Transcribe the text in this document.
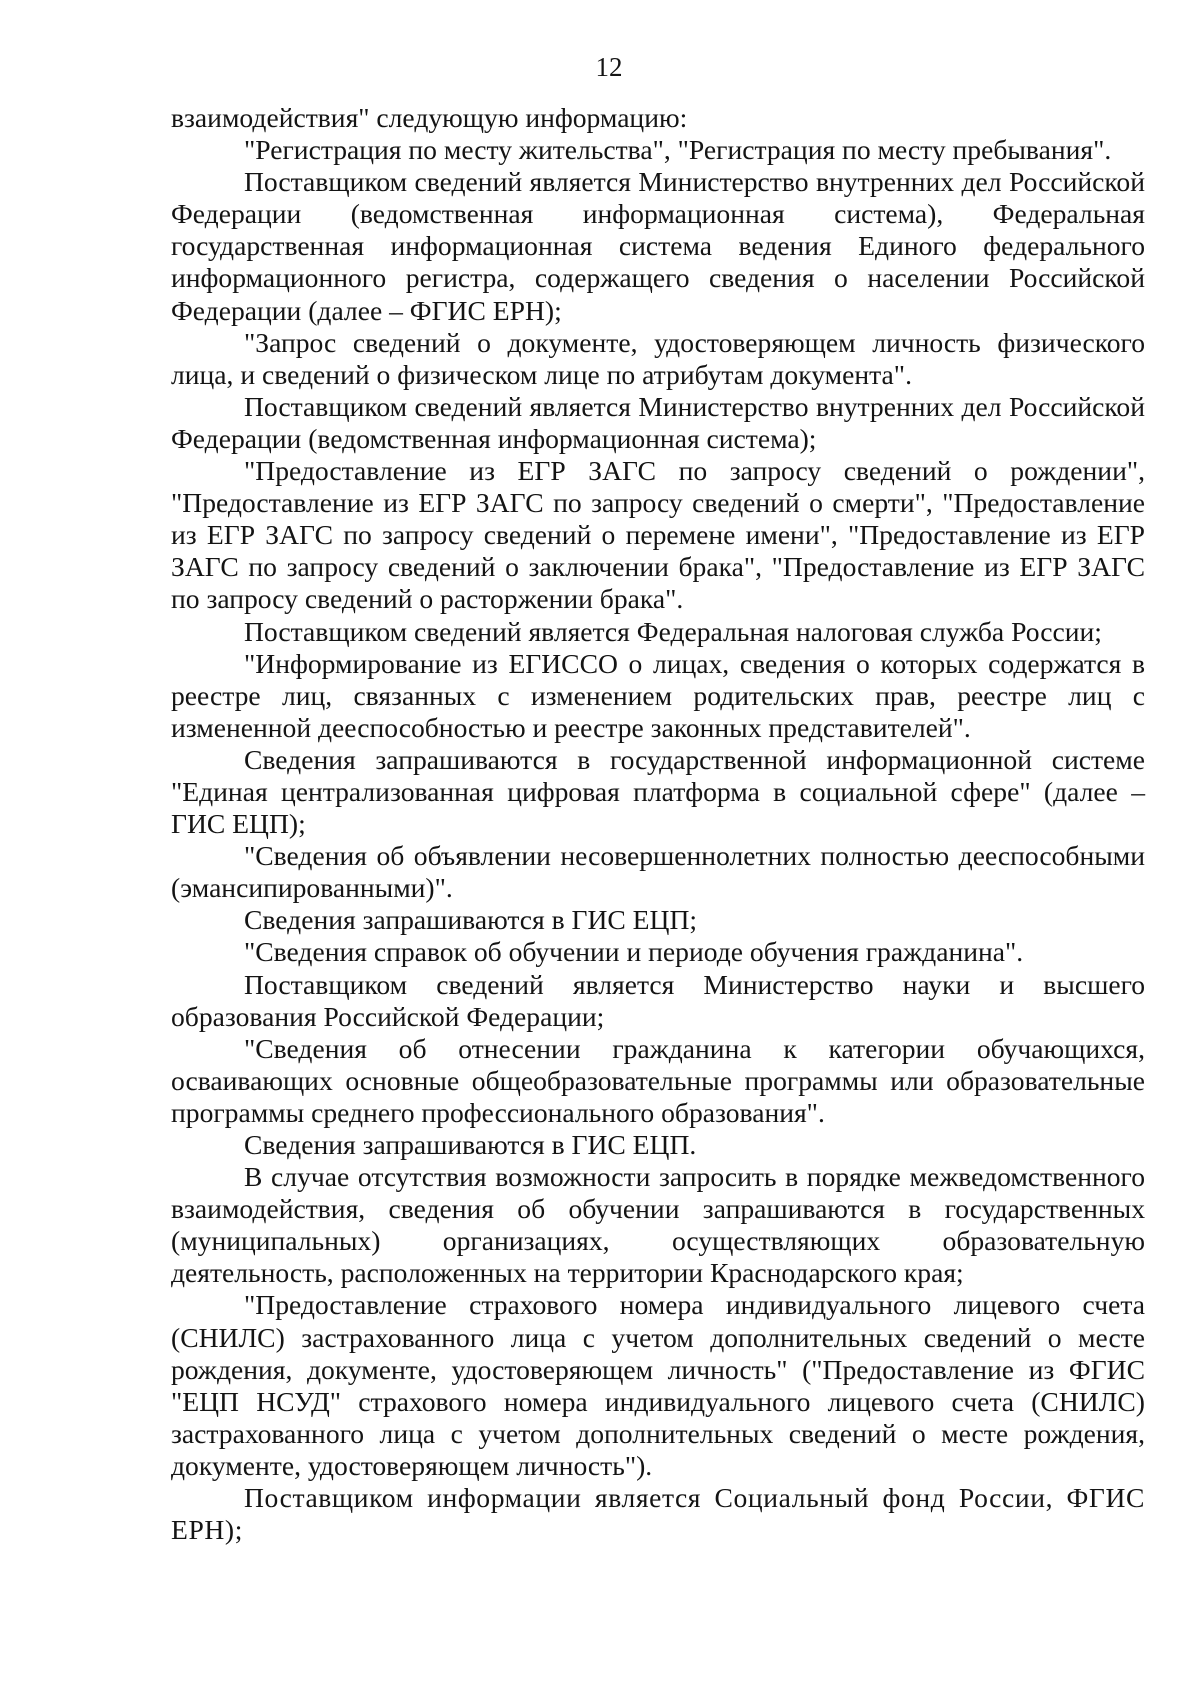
12

взаимодействия" следующую информацию:

"Регистрация по месту жительства", "Регистрация по месту пребывания".

Поставщиком сведений является Министерство внутренних дел Российской Федерации (ведомственная информационная система), Федеральная государственная информационная система ведения Единого федерального информационного регистра, содержащего сведения о населении Российской Федерации (далее – ФГИС ЕРН);

"Запрос сведений о документе, удостоверяющем личность физического лица, и сведений о физическом лице по атрибутам документа".

Поставщиком сведений является Министерство внутренних дел Российской Федерации (ведомственная информационная система);

"Предоставление из ЕГР ЗАГС по запросу сведений о рождении", "Предоставление из ЕГР ЗАГС по запросу сведений о смерти", "Предоставление из ЕГР ЗАГС по запросу сведений о перемене имени", "Предоставление из ЕГР ЗАГС по запросу сведений о заключении брака", "Предоставление из ЕГР ЗАГС по запросу сведений о расторжении брака".

Поставщиком сведений является Федеральная налоговая служба России;

"Информирование из ЕГИССО о лицах, сведения о которых содержатся в реестре лиц, связанных с изменением родительских прав, реестре лиц с измененной дееспособностью и реестре законных представителей".

Сведения запрашиваются в государственной информационной системе "Единая централизованная цифровая платформа в социальной сфере" (далее – ГИС ЕЦП);

"Сведения об объявлении несовершеннолетних полностью дееспособными (эмансипированными)".

Сведения запрашиваются в ГИС ЕЦП;

"Сведения справок об обучении и периоде обучения гражданина".

Поставщиком сведений является Министерство науки и высшего образования Российской Федерации;

"Сведения об отнесении гражданина к категории обучающихся, осваивающих основные общеобразовательные программы или образовательные программы среднего профессионального образования".

Сведения запрашиваются в ГИС ЕЦП.

В случае отсутствия возможности запросить в порядке межведомственного взаимодействия, сведения об обучении запрашиваются в государственных (муниципальных) организациях, осуществляющих образовательную деятельность, расположенных на территории Краснодарского края;

"Предоставление страхового номера индивидуального лицевого счета (СНИЛС) застрахованного лица с учетом дополнительных сведений о месте рождения, документе, удостоверяющем личность" ("Предоставление из ФГИС "ЕЦП НСУД" страхового номера индивидуального лицевого счета (СНИЛС) застрахованного лица с учетом дополнительных сведений о месте рождения, документе, удостоверяющем личность").

Поставщиком информации является Социальный фонд России, ФГИС ЕРН);
